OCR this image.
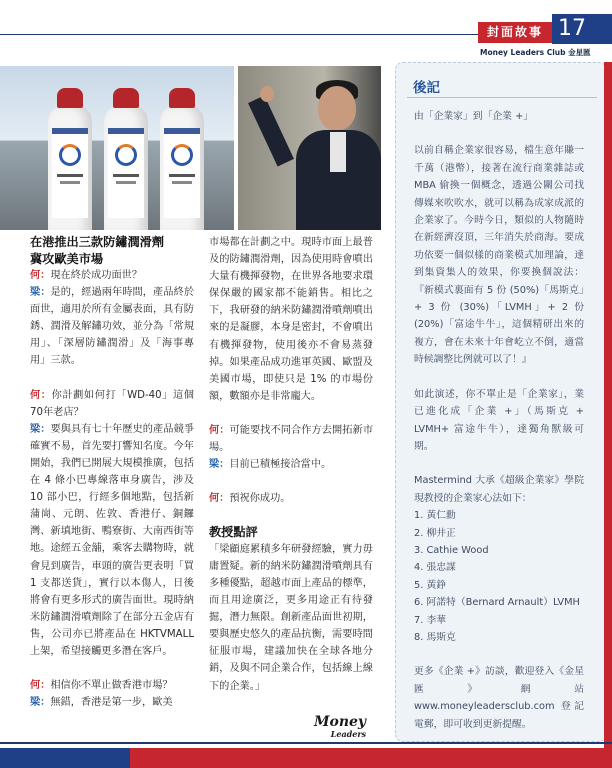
封面故事 17
Money Leaders Club 金星匯

在港推出三款防鏽潤滑劑

冀攻歐美市場

何：現在終於成功面世？

梁：是的，經過兩年時間，產品終於面世，適用於所有金屬表面，具有防銹、潤滑及解鏽功效，並分為「常規用」、「深層防鏽潤滑」及「海事專用」三款。

何：你計劃如何打「WD-40」這個70年老店？

梁：要與具有七十年歷史的產品競爭確實不易，首先要打響知名度。今年開始，我們已開展大規模推廣，包括在 4 條小巴專線落車身廣告，涉及 10 部小巴，行經多個地點，包括新蒲崗、元朗、佐敦、香港仔、銅鑼灣、新填地街、鴨寮街、大南西街等地。途經五金舖，乘客去購物時，就會見到廣告，車頭的廣告更表明「買 1 支都送貨」，實行以本傷人，日後將會有更多形式的廣告面世。現時納米防鏽潤滑噴劑除了在部分五金店有售，公司亦已將產品在 HKTVMALL 上架，希望接觸更多潛在客戶。

何：相信你不單止做香港市場？

梁：無錯，香港是第一步，歐美

市場都在計劃之中。現時市面上最普及的防鏽潤滑劑，因為使用時會噴出大量有機揮發物，在世界各地要求環保保嚴的國家都不能銷售。相比之下，我研發的納米防鏽潤滑噴劑噴出來的是凝膠，本身是密封，不會噴出有機揮發物，使用後亦不會易蒸發掉。如果產品成功進軍英國、歐盟及美國市場，即使只是 1% 的市場份額，數額亦是非常龐大。

何：可能要找不同合作方去開拓新市場。

梁：目前已積極接洽當中。

何：預祝你成功。

教授點評

「梁顧庭累積多年研發經驗，實力毋庸置疑。新的納米防鏽潤滑噴劑具有多種優點，超越市面上產品的標準，而且用途廣泛，更多用途正有待發掘，潛力無限。創新產品面世初期，要與歷史悠久的產品抗衡，需要時間征服市場，建議加快在全球各地分銷，及與不同企業合作，包括線上線下的企業。」

後記

由「企業家」到「企業 +」

以前自稱企業家很容易，檔生意年賺一千萬（港幣），接著在流行商業雜誌或 MBA 偷換一個概念，透過公關公司找傳媒來吹吹水，就可以稱為成家成派的企業家了。今時今日，類似的人物隨時在新經濟沒頂，三年消失於商海。要成功依要一個似樣的商業模式加理論，達到集資集人的效果，你要換個說法：『新模式裏面有 5 份 (50%)「馬斯克」+ 3 份 (30%)「LVMH」+ 2 份 (20%)「富途牛牛」，這個精研出來的複方，會在未來十年會屹立不倒，適當時候調整比例就可以了！』

如此演述，你不單止是「企業家」，業已進化成「企業 +」（馬斯克 + LVMH+ 富途牛牛），達獨角獸級可期。

Mastermind 大承《超級企業家》學院現教授的企業家心法如下：

1. 黃仁勳
2. 柳井正
3. Cathie Wood
4. 張忠謀
5. 黃錚
6. 阿諾特（Bernard Arnault）LVMH
7. 李華
8. 馬斯克

更多《企業 +》訪談，歡迎登入《金星匯》網站 www.moneyleadersclub.com 登記電郵，即可收到更新提醒。

Money
Leaders
